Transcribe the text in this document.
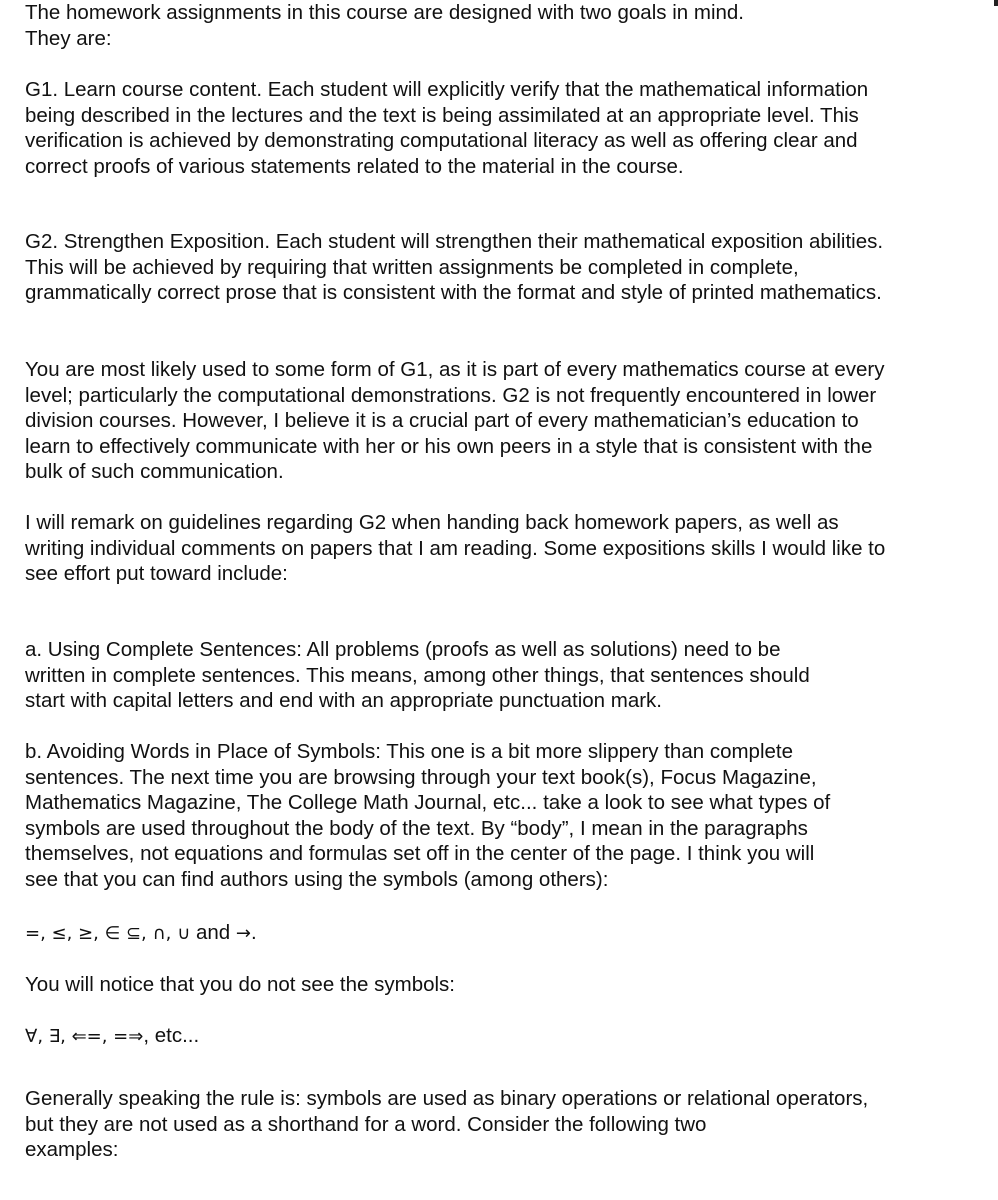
The homework assignments in this course are designed with two goals in mind.

They are:

G1. Learn course content. Each student will explicitly verify that the mathematical information

being described in the lectures and the text is being assimilated at an appropriate level. This

verification is achieved by demonstrating computational literacy as well as offering clear and

correct proofs of various statements related to the material in the course.

G2. Strengthen Exposition. Each student will strengthen their mathematical exposition abilities.

This will be achieved by requiring that written assignments be completed in complete,

grammatically correct prose that is consistent with the format and style of printed mathematics.

You are most likely used to some form of G1, as it is part of every mathematics course at every

level; particularly the computational demonstrations. G2 is not frequently encountered in lower

division courses. However, I believe it is a crucial part of every mathematician’s education to

learn to effectively communicate with her or his own peers in a style that is consistent with the

bulk of such communication.

I will remark on guidelines regarding G2 when handing back homework papers, as well as

writing individual comments on papers that I am reading. Some expositions skills I would like to

see effort put toward include:

a. Using Complete Sentences: All problems (proofs as well as solutions) need to be

written in complete sentences. This means, among other things, that sentences should

start with capital letters and end with an appropriate punctuation mark.

b. Avoiding Words in Place of Symbols: This one is a bit more slippery than complete

sentences. The next time you are browsing through your text book(s), Focus Magazine,

Mathematics Magazine, The College Math Journal, etc... take a look to see what types of

symbols are used throughout the body of the text. By “body”, I mean in the paragraphs

themselves, not equations and formulas set off in the center of the page. I think you will

see that you can find authors using the symbols (among others):

=, ≤, ≥, ∈ ⊆, ∩, ∪ and →.

You will notice that you do not see the symbols:

∀, ∃, ⇐=, =⇒, etc...

Generally speaking the rule is: symbols are used as binary operations or relational operators,

but they are not used as a shorthand for a word. Consider the following two

examples:
